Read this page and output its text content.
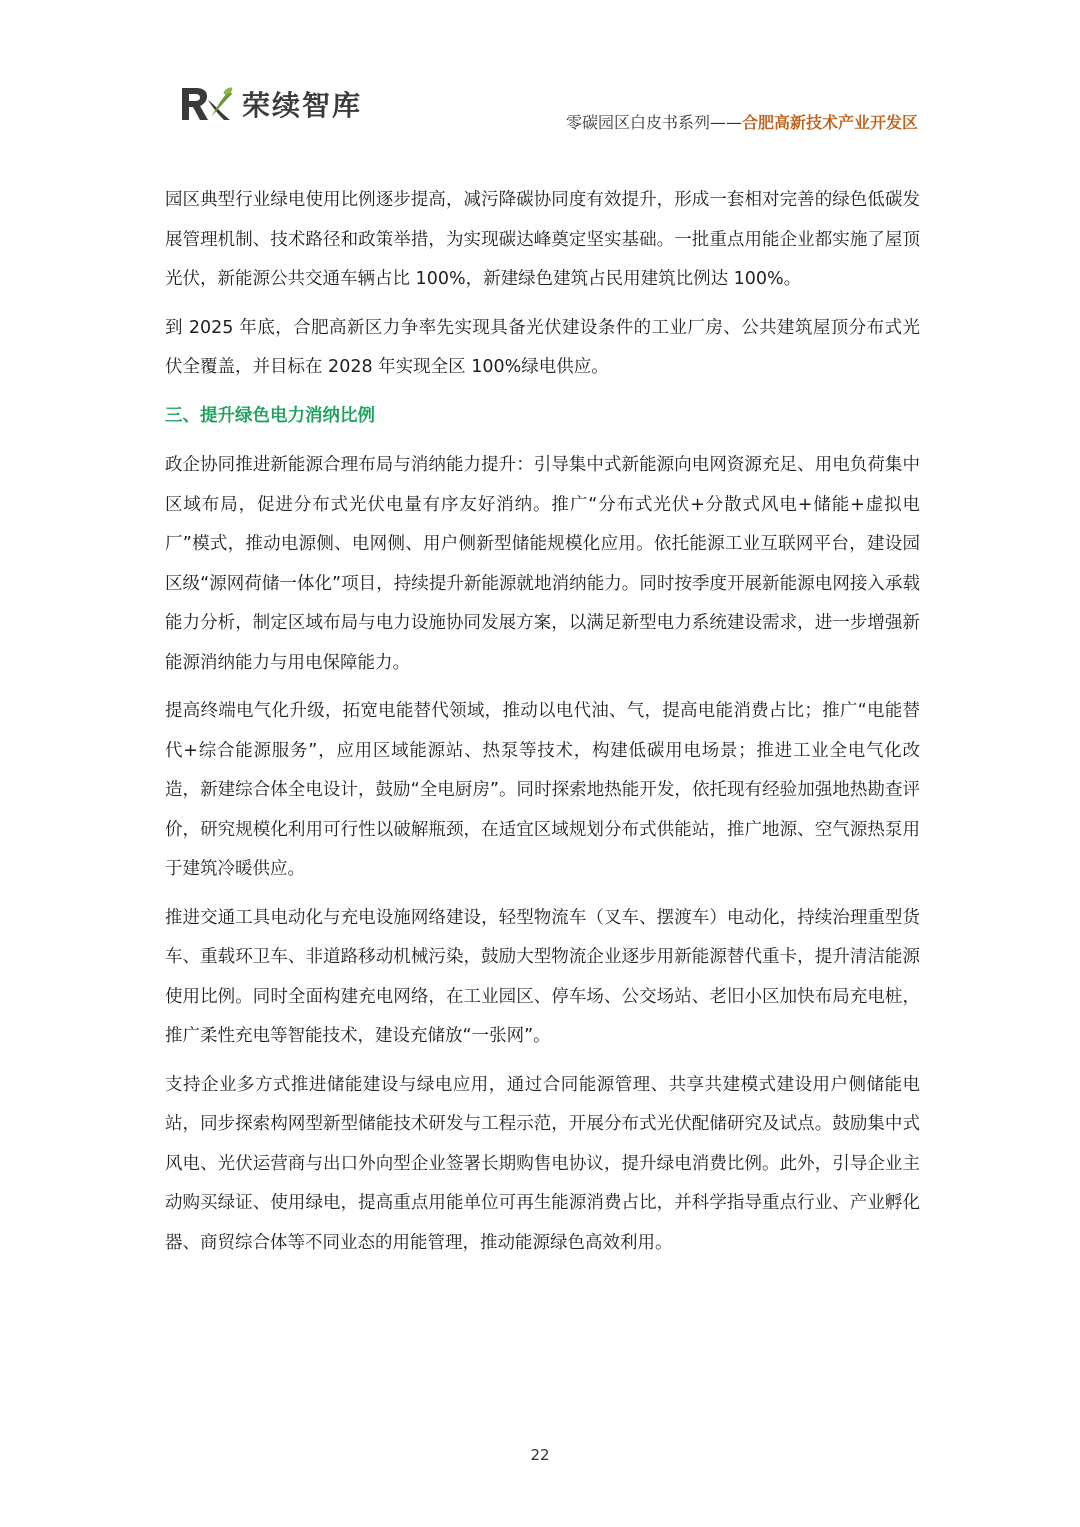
荣续智库
零碳园区白皮书系列——合肥高新技术产业开发区

园区典型行业绿电使用比例逐步提高，减污降碳协同度有效提升，形成一套相对完善的绿色低碳发展管理机制、技术路径和政策举措，为实现碳达峰奠定坚实基础。一批重点用能企业都实施了屋顶光伏，新能源公共交通车辆占比 100%，新建绿色建筑占民用建筑比例达 100%。

到 2025 年底，合肥高新区力争率先实现具备光伏建设条件的工业厂房、公共建筑屋顶分布式光伏全覆盖，并目标在 2028 年实现全区 100%绿电供应。

三、提升绿色电力消纳比例

政企协同推进新能源合理布局与消纳能力提升：引导集中式新能源向电网资源充足、用电负荷集中区域布局，促进分布式光伏电量有序友好消纳。推广“分布式光伏+分散式风电+储能+虚拟电厂”模式，推动电源侧、电网侧、用户侧新型储能规模化应用。依托能源工业互联网平台，建设园区级“源网荷储一体化”项目，持续提升新能源就地消纳能力。同时按季度开展新能源电网接入承载能力分析，制定区域布局与电力设施协同发展方案，以满足新型电力系统建设需求，进一步增强新能源消纳能力与用电保障能力。

提高终端电气化升级，拓宽电能替代领域，推动以电代油、气，提高电能消费占比；推广“电能替代+综合能源服务”，应用区域能源站、热泵等技术，构建低碳用电场景；推进工业全电气化改造，新建综合体全电设计，鼓励“全电厨房”。同时探索地热能开发，依托现有经验加强地热勘查评价，研究规模化利用可行性以破解瓶颈，在适宜区域规划分布式供能站，推广地源、空气源热泵用于建筑冷暖供应。

推进交通工具电动化与充电设施网络建设，轻型物流车（叉车、摆渡车）电动化，持续治理重型货车、重载环卫车、非道路移动机械污染，鼓励大型物流企业逐步用新能源替代重卡，提升清洁能源使用比例。同时全面构建充电网络，在工业园区、停车场、公交场站、老旧小区加快布局充电桩，推广柔性充电等智能技术，建设充储放“一张网”。

支持企业多方式推进储能建设与绿电应用，通过合同能源管理、共享共建模式建设用户侧储能电站，同步探索构网型新型储能技术研发与工程示范，开展分布式光伏配储研究及试点。鼓励集中式风电、光伏运营商与出口外向型企业签署长期购售电协议，提升绿电消费比例。此外，引导企业主动购买绿证、使用绿电，提高重点用能单位可再生能源消费占比，并科学指导重点行业、产业孵化器、商贸综合体等不同业态的用能管理，推动能源绿色高效利用。

22
